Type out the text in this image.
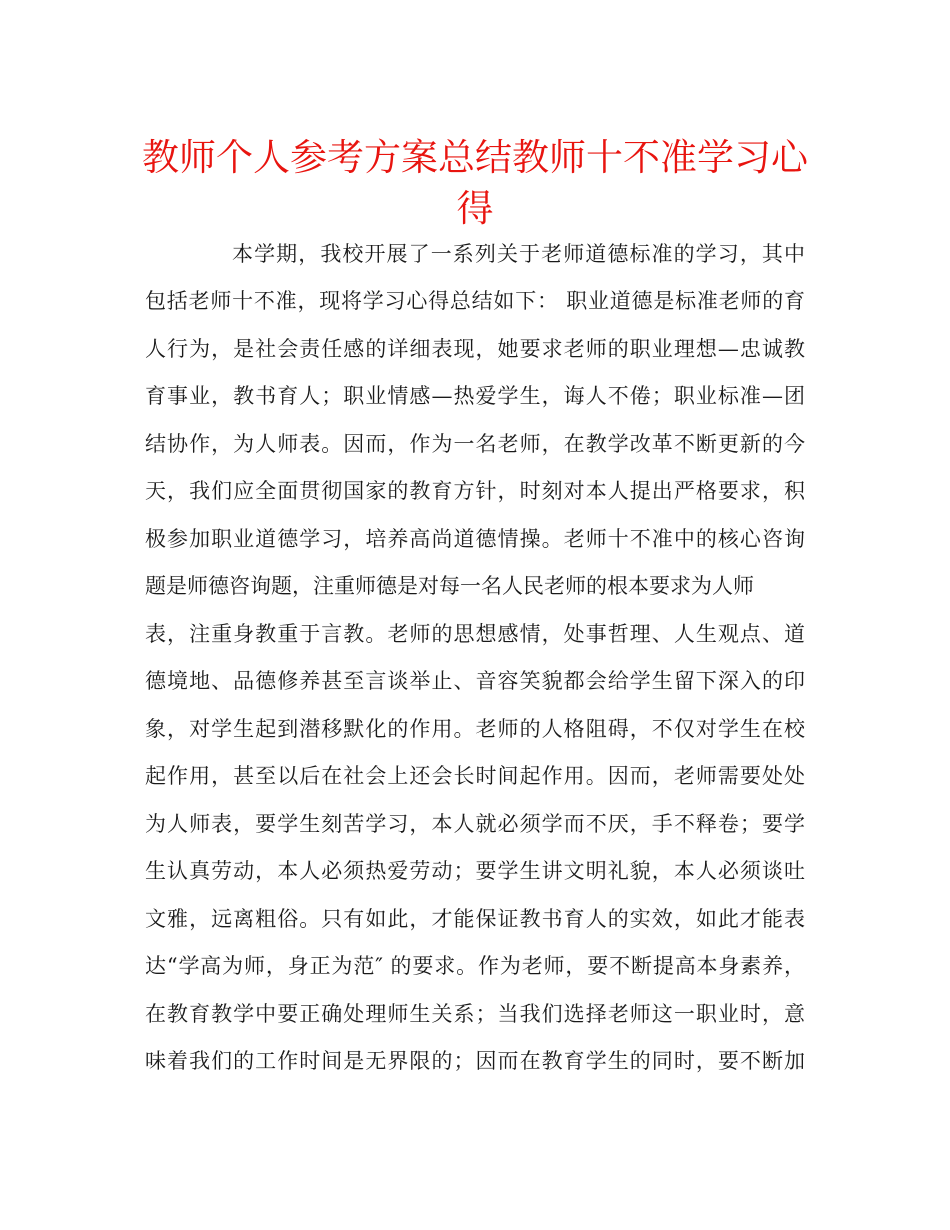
教师个人参考方案总结教师十不准学习心
得

本学期，我校开展了一系列关于老师道德标准的学习，其中

包括老师十不准，现将学习心得总结如下： 职业道德是标准老师的育

人行为，是社会责任感的详细表现，她要求老师的职业理想—忠诚教

育事业，教书育人；职业情感—热爱学生，诲人不倦；职业标准—团

结协作，为人师表。因而，作为一名老师，在教学改革不断更新的今

天，我们应全面贯彻国家的教育方针，时刻对本人提出严格要求，积

极参加职业道德学习，培养高尚道德情操。老师十不准中的核心咨询

题是师德咨询题，注重师德是对每一名人民老师的根本要求为人师

表，注重身教重于言教。老师的思想感情，处事哲理、人生观点、道

德境地、品德修养甚至言谈举止、音容笑貌都会给学生留下深入的印

象，对学生起到潜移默化的作用。老师的人格阻碍，不仅对学生在校

起作用，甚至以后在社会上还会长时间起作用。因而，老师需要处处

为人师表，要学生刻苦学习，本人就必须学而不厌，手不释卷；要学

生认真劳动，本人必须热爱劳动；要学生讲文明礼貌，本人必须谈吐

文雅，远离粗俗。只有如此，才能保证教书育人的实效，如此才能表

达“学高为师，身正为范″ 的要求。作为老师，要不断提高本身素养，

在教育教学中要正确处理师生关系；当我们选择老师这一职业时，意

味着我们的工作时间是无界限的；因而在教育学生的同时，要不断加
